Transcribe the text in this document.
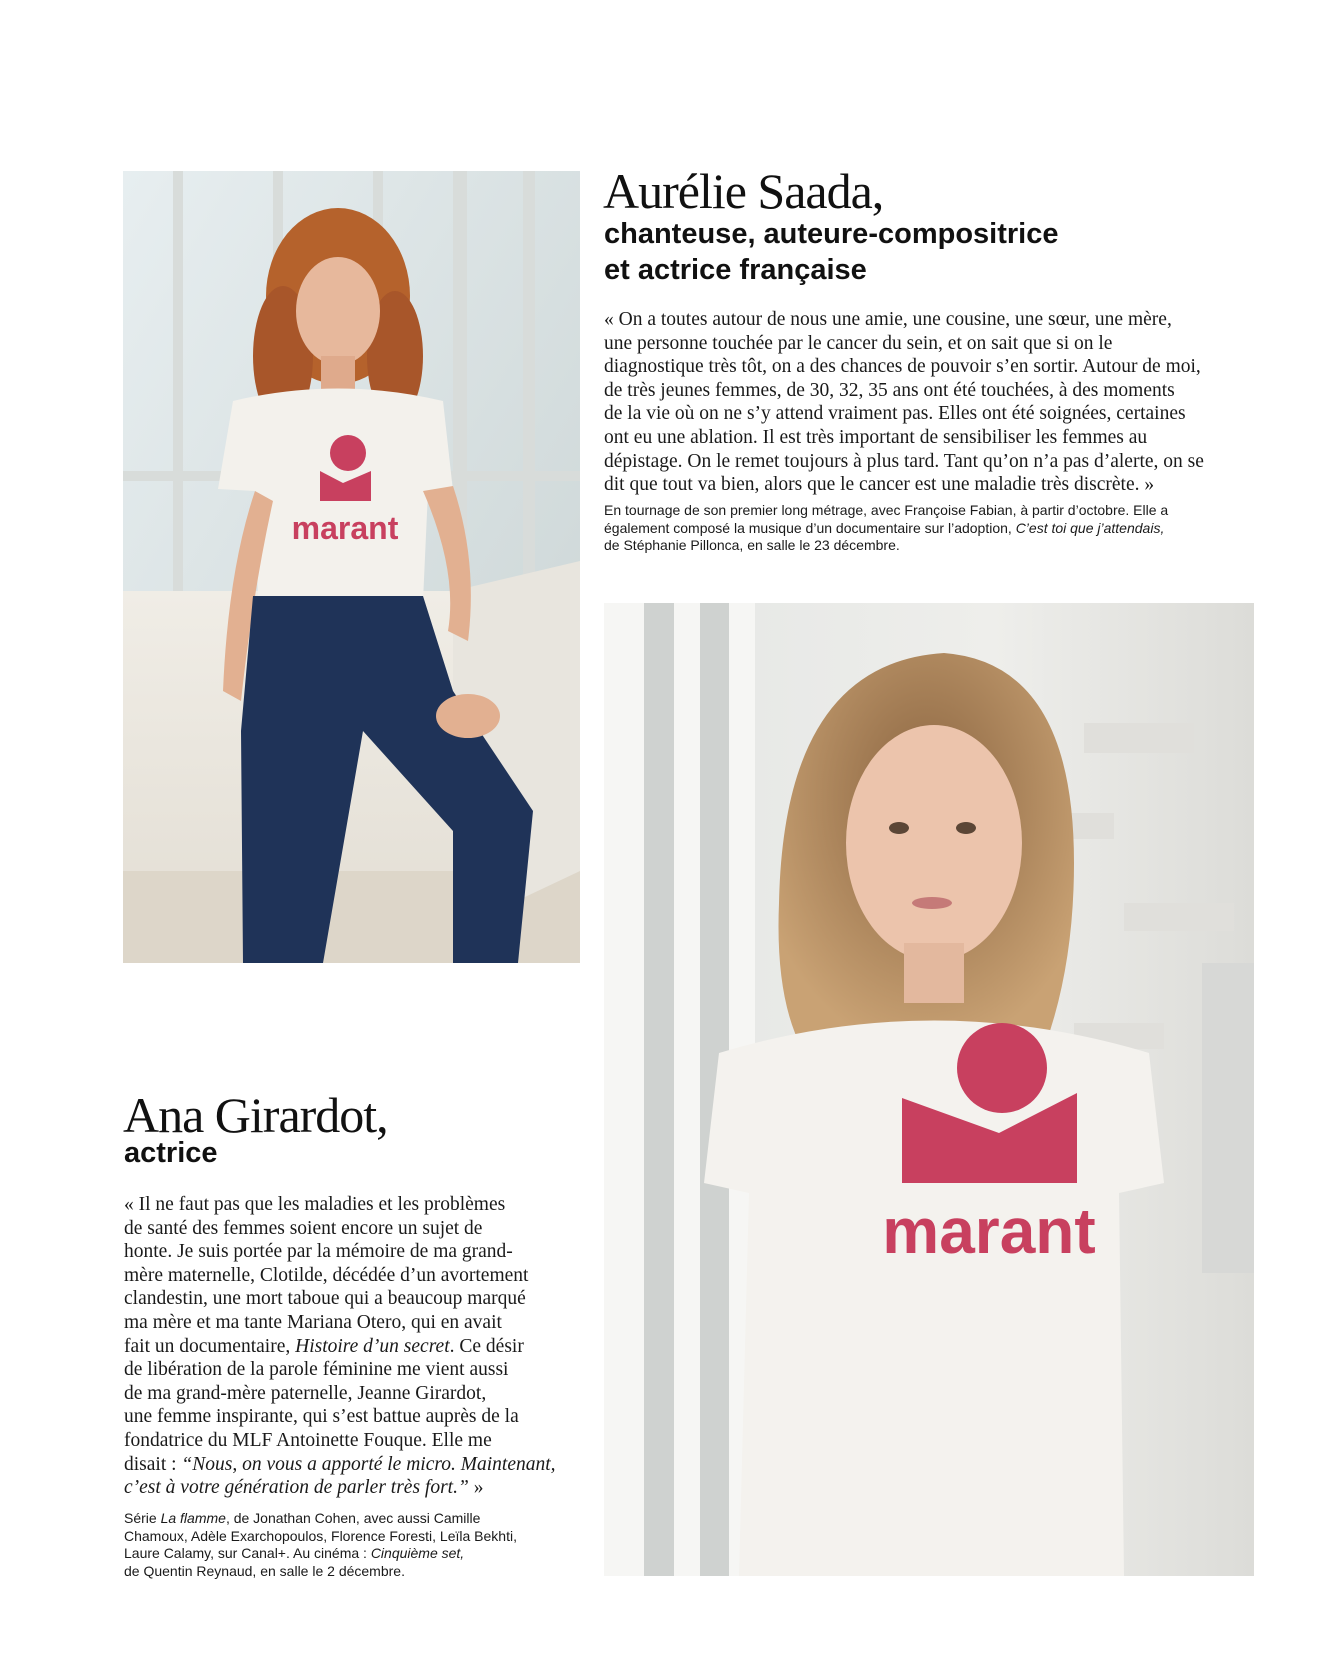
marant
Aurélie Saada,
chanteuse, auteure-compositrice
et actrice française

« On a toutes autour de nous une amie, une cousine, une sœur, une mère,
une personne touchée par le cancer du sein, et on sait que si on le
diagnostique très tôt, on a des chances de pouvoir s’en sortir. Autour de moi,
de très jeunes femmes, de 30, 32, 35 ans ont été touchées, à des moments
de la vie où on ne s’y attend vraiment pas. Elles ont été soignées, certaines
ont eu une ablation. Il est très important de sensibiliser les femmes au
dépistage. On le remet toujours à plus tard. Tant qu’on n’a pas d’alerte, on se
dit que tout va bien, alors que le cancer est une maladie très discrète. »

En tournage de son premier long métrage, avec Françoise Fabian, à partir d’octobre. Elle a
également composé la musique d’un documentaire sur l’adoption, C’est toi que j’attendais,
de Stéphanie Pillonca, en salle le 23 décembre.

marant
Ana Girardot,
actrice

« Il ne faut pas que les maladies et les problèmes
de santé des femmes soient encore un sujet de
honte. Je suis portée par la mémoire de ma grand-
mère maternelle, Clotilde, décédée d’un avortement
clandestin, une mort taboue qui a beaucoup marqué
ma mère et ma tante Mariana Otero, qui en avait
fait un documentaire, Histoire d’un secret. Ce désir
de libération de la parole féminine me vient aussi
de ma grand-mère paternelle, Jeanne Girardot,
une femme inspirante, qui s’est battue auprès de la
fondatrice du MLF Antoinette Fouque. Elle me
disait : “Nous, on vous a apporté le micro. Maintenant,
c’est à votre génération de parler très fort.” »

Série La flamme, de Jonathan Cohen, avec aussi Camille
Chamoux, Adèle Exarchopoulos, Florence Foresti, Leïla Bekhti,
Laure Calamy, sur Canal+. Au cinéma : Cinquième set,
de Quentin Reynaud, en salle le 2 décembre.
